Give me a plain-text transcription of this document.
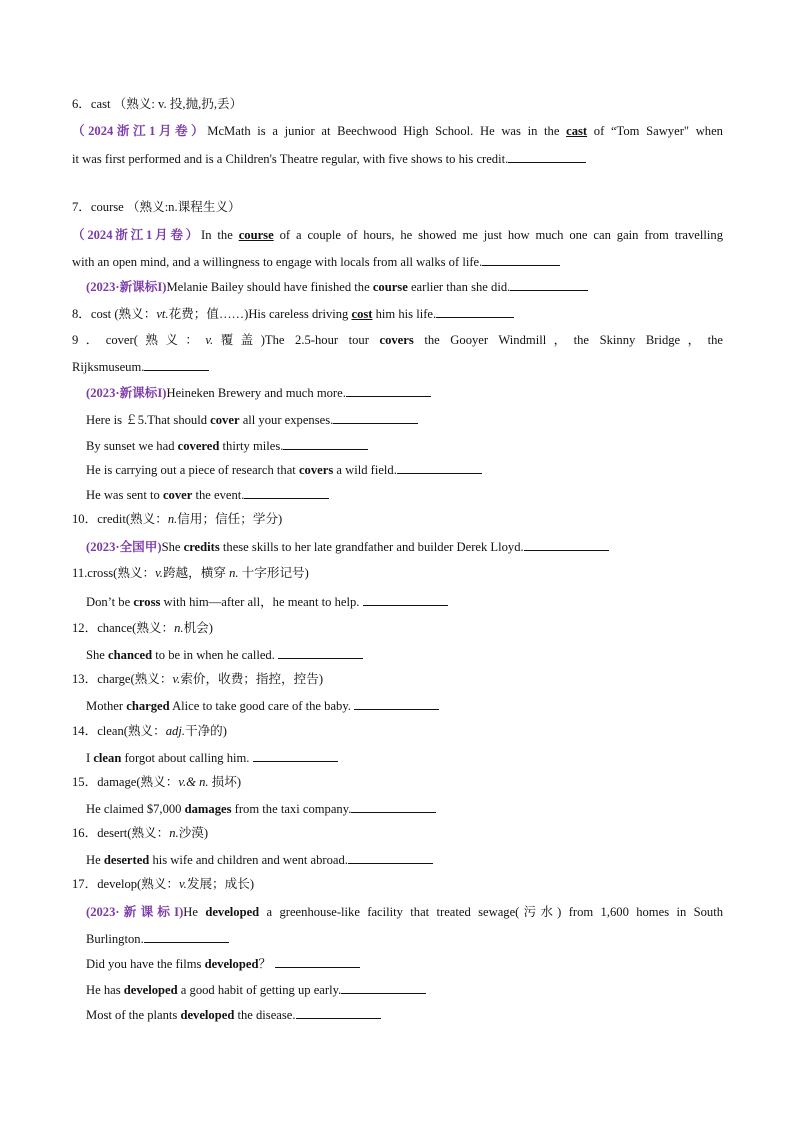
6．cast （熟义: v. 投,抛,扔,丢）
（2024浙江1月卷）McMath is a junior at Beechwood High School. He was in the cast of “Tom Sawyer" when
it was first performed and is a Children's Theatre regular, with five shows to his credit.
7．course （熟义:n.课程生义）
（2024浙江1月卷）In the course of a couple of hours, he showed me just how much one can gain from travelling
with an open mind, and a willingness to engage with locals from all walks of life.
(2023·新课标I)Melanie Bailey should have finished the course earlier than she did.
8．cost (熟义：vt.花费；值……)His careless driving cost him his life.
9．cover(熟义：v.覆盖)The 2.5-hour tour covers the Gooyer Windmill，the Skinny Bridge，the
Rijksmuseum.
(2023·新课标I)Heineken Brewery and much more.
Here is ￡5.That should cover all your expenses.
By sunset we had covered thirty miles.
He is carrying out a piece of research that covers a wild field.
He was sent to cover the event.
10．credit(熟义：n.信用；信任；学分)
(2023·全国甲)She credits these skills to her late grandfather and builder Derek Lloyd.
11.cross(熟义：v.跨越，横穿 n. 十字形记号)
Don’t be cross with him—after all，he meant to help.
12．chance(熟义：n.机会)
She chanced to be in when he called.
13．charge(熟义：v.索价，收费；指控，控告)
Mother charged Alice to take good care of the baby.
14．clean(熟义：adj.干净的)
I clean forgot about calling him.
15．damage(熟义：v.& n. 损坏)
He claimed $7,000 damages from the taxi company.
16．desert(熟义：n.沙漠)
He deserted his wife and children and went abroad.
17．develop(熟义：v.发展；成长)
(2023·新课标I)He developed a greenhouse-like facility that treated sewage(污水) from 1,600 homes in South
Burlington.
Did you have the films developed？
He has developed a good habit of getting up early.
Most of the plants developed the disease.
